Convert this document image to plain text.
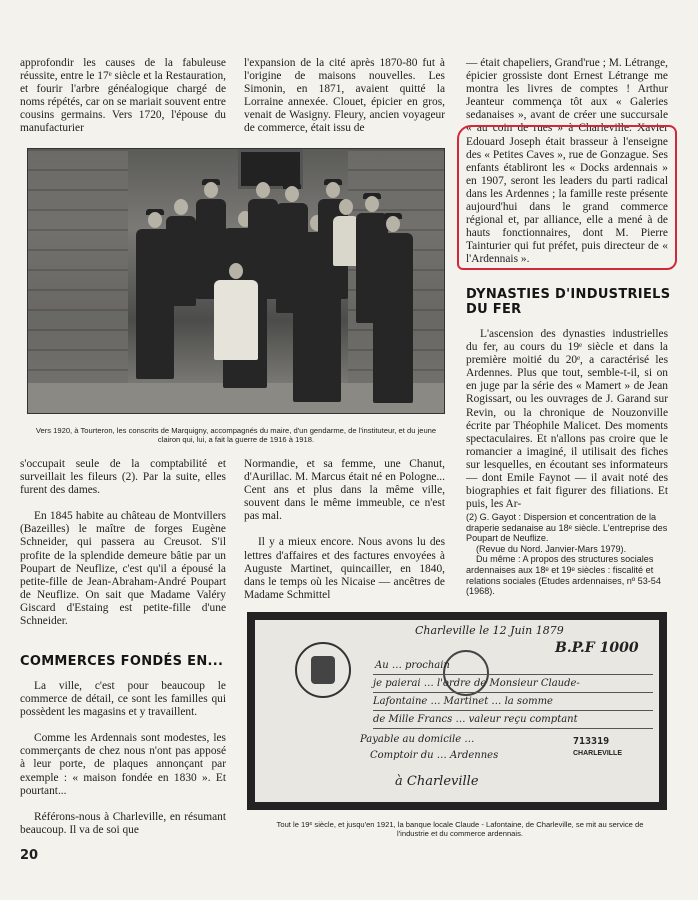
approfondir les causes de la fabuleuse réussite, entre le 17ᵉ siècle et la Restauration, et fourir l'arbre généalogique chargé de noms répétés, car on se mariait souvent entre cousins germains. Vers 1720, l'épouse du manufacturier

l'expansion de la cité après 1870-80 fut à l'origine de maisons nouvelles. Les Simonin, en 1871, avaient quitté la Lorraine annexée. Clouet, épicier en gros, venait de Wasigny. Fleury, ancien voyageur de commerce, était issu de

— était chapeliers, Grand'rue ; M. Létrange, épicier grossiste dont Ernest Létrange me montra les livres de comptes ! Arthur Jeanteur commença tôt aux « Galeries sedanaises », avant de créer une succursale « au coin de rues » à Charleville. Xavier Edouard Joseph était brasseur à l'enseigne des « Petites Caves », rue de Gonzague. Ses enfants établiront les « Docks ardennais » en 1907, seront les leaders du parti radical dans les Ardennes ; la famille reste présente aujourd'hui dans le grand commerce régional et, par alliance, elle a mené à de hauts fonctionnaires, dont M. Pierre Tainturier qui fut préfet, puis directeur de « l'Ardennais ».

Vers 1920, à Tourteron, les conscrits de Marquigny, accompagnés du maire, d'un gendarme, de l'instituteur, et du jeune clairon qui, lui, a fait la guerre de 1916 à 1918.
DYNASTIES D'INDUSTRIELS DU FER

L'ascension des dynasties industrielles du fer, au cours du 19ᵉ siècle et dans la première moitié du 20ᵉ, a caractérisé les Ardennes. Plus que tout, semble-t-il, si on en juge par la série des « Mamert » de Jean Rogissart, ou les ouvrages de J. Garand sur Revin, ou la chronique de Nouzonville écrite par Théophile Malicet. Des moments spectaculaires. Et n'allons pas croire que le romancier a imaginé, il utilisait des fiches sur lesquelles, en écoutant ses informateurs — dont Emile Faynot — il avait noté des biographies et fait figurer des filiations. Et puis, les Ar-

s'occupait seule de la comptabilité et surveillait les fileurs (2). Par la suite, elles furent des dames.

En 1845 habite au château de Montvillers (Bazeilles) le maître de forges Eugène Schneider, qui passera au Creusot. S'il profite de la splendide demeure bâtie par un Poupart de Neuflize, c'est qu'il a épousé la petite-fille de Jean-Abraham-André Poupart de Neuflize. On sait que Madame Valéry Giscard d'Estaing est petite-fille d'une Schneider.

COMMERCES FONDÉS EN...

La ville, c'est pour beaucoup le commerce de détail, ce sont les familles qui possèdent les magasins et y travaillent.

Comme les Ardennais sont modestes, les commerçants de chez nous n'ont pas apposé à leur porte, de plaques annonçant par exemple : « maison fondée en 1830 ». Et pourtant...

Référons-nous à Charleville, en résumant beaucoup. Il va de soi que

Normandie, et sa femme, une Chanut, d'Aurillac. M. Marcus était né en Pologne... Cent ans et plus dans la même ville, souvent dans le même immeuble, ce n'est pas mal.

Il y a mieux encore. Nous avons lu des lettres d'affaires et des factures envoyées à Auguste Martinet, quincailler, en 1840, dans le temps où les Nicaise — ancêtres de Madame Schmittel

(2) G. Gayot : Dispersion et concentration de la draperie sedanaise au 18ᵉ siècle. L'entreprise des Poupart de Neuflize.

(Revue du Nord. Janvier-Mars 1979).

Du même : A propos des structures sociales ardennaises aux 18ᵉ et 19ᵉ siècles : fiscalité et relations sociales (Etudes ardennaises, nº 53-54 (1968).

Charleville le 12 Juin 1879
B.P.F 1000
Au … prochain
je paierai … l'ordre de Monsieur Claude-
Lafontaine … Martinet … la somme
de Mille Francs … valeur reçu comptant
Payable au domicile …
Comptoir du … Ardennes
à Charleville
713319
CHARLEVILLE
Tout le 19ᵉ siècle, et jusqu'en 1921, la banque locale Claude - Lafontaine, de Charleville, se mit au service de l'industrie et du commerce ardennais.
20
